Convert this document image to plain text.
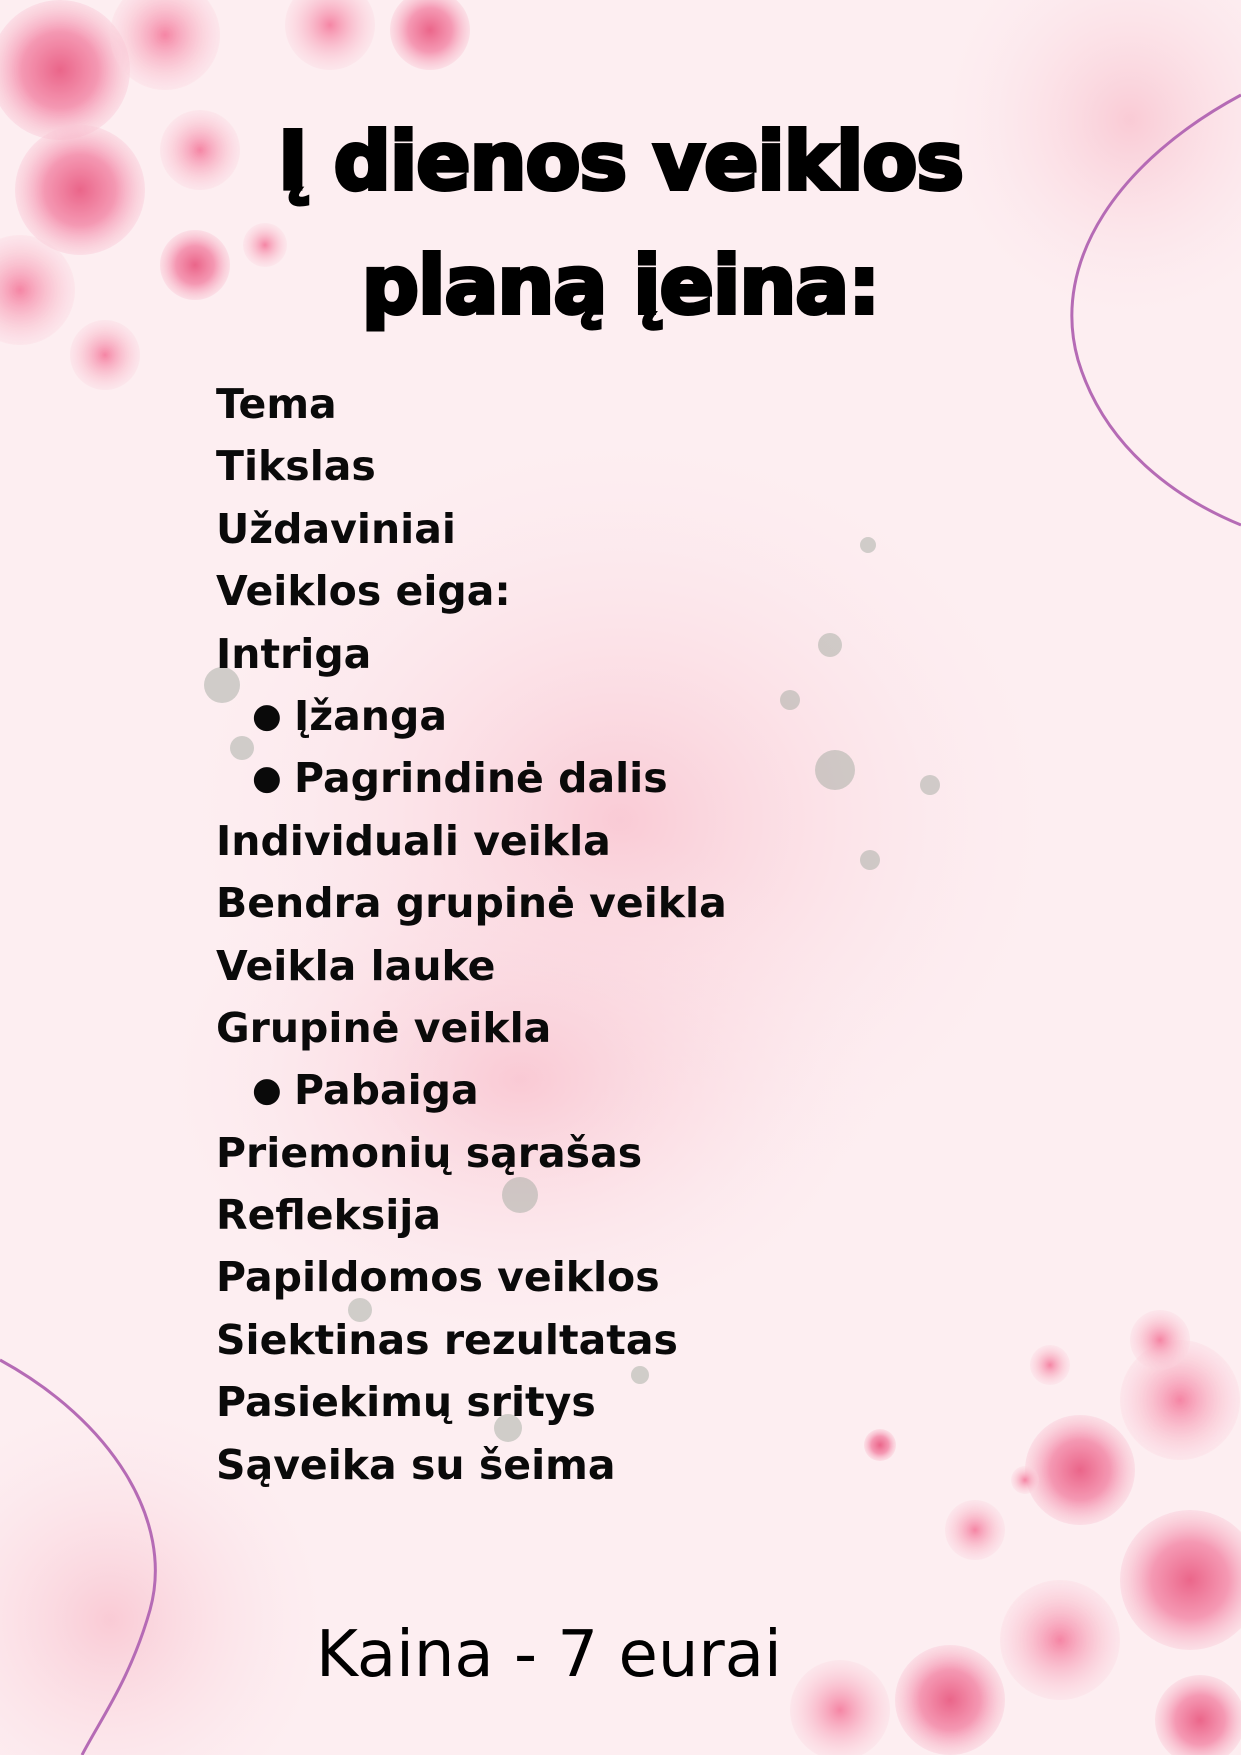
Į dienos veiklos
planą įeina:
Tema
Tikslas
Uždaviniai
Veiklos eiga:
Intriga
● Įžanga
● Pagrindinė dalis
Individuali veikla
Bendra grupinė veikla
Veikla lauke
Grupinė veikla
● Pabaiga
Priemonių sąrašas
Refleksija
Papildomos veiklos
Siektinas rezultatas
Pasiekimų sritys
Sąveika su šeima
Kaina - 7 eurai
